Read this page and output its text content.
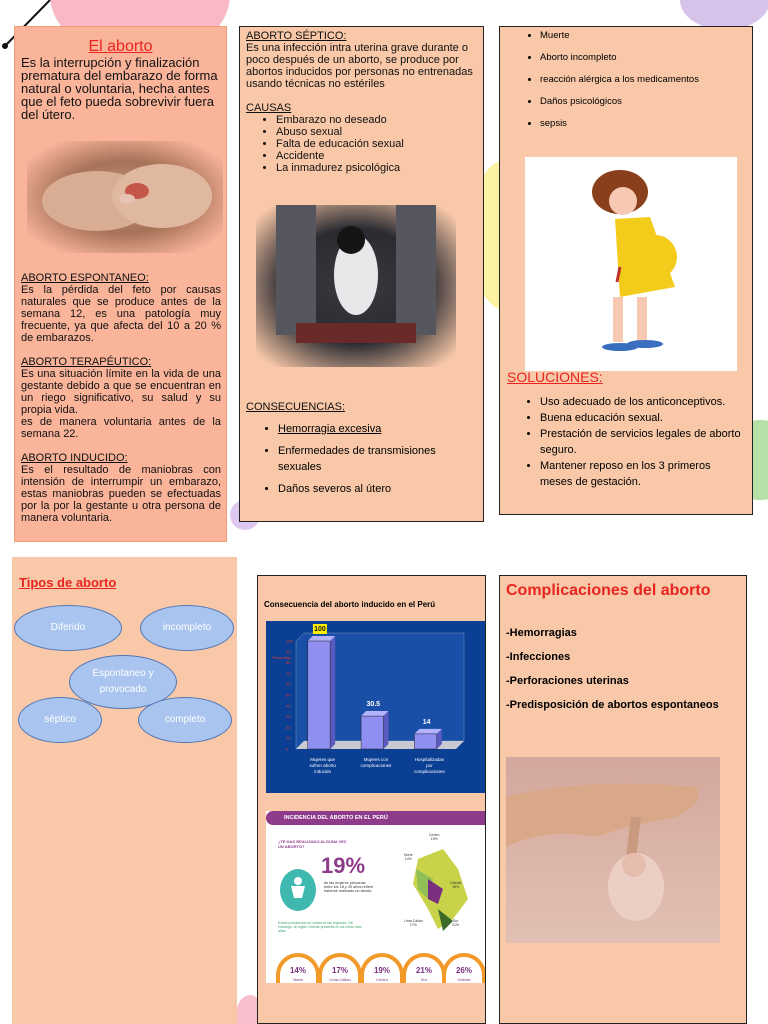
El aborto
Es la interrupción y finalización prematura del embarazo de forma natural o voluntaria, hecha antes que el feto pueda sobrevivir fuera del útero.
ABORTO ESPONTANEO:
Es la pérdida del feto por causas naturales que se produce antes de la semana 12, es una patología muy frecuente, ya que afecta del 10 a 20 % de embarazos.
ABORTO TERAPÉUTICO:
Es una situación límite en la vida de una gestante debido a que se encuentran en un riego significativo, su salud y su propia vida.
es de manera voluntaria antes de la semana 22.
ABORTO INDUCIDO:
Es el resultado de maniobras con intensión de interrumpir un embarazo, estas maniobras pueden se efectuadas por la por la gestante u otra persona de manera voluntaria.
ABORTO SÉPTICO:
Es una infección intra uterina grave durante o poco después de un aborto, se produce por abortos inducidos por personas no entrenadas usando técnicas no estériles
CAUSAS
• Embarazo no deseado
• Abuso sexual
• Falta de educación sexual
• Accidente
• La inmadurez psicológica
CONSECUENCIAS:
• Hemorragia excesiva
• Enfermedades de transmisiones sexuales
• Daños severos al útero
• Muerte
• Aborto incompleto
• reacción alérgica a los medicamentos
• Daños psicológicos
• sepsis
SOLUCIONES:
• Uso adecuado de los anticonceptivos.
• Buena educación sexual.
• Prestación de servicios legales de aborto seguro.
• Mantener reposo en los 3 primeros meses de gestación.
Tipos de aborto
Diferido	incompleto
Espontaneo y provocado
séptico	completo
Consecuencia del aborto inducido en el Perú
Porcentaje
0
10
20
30
40
50
60
70
80
90
100
100
Mujeres que
sufren aborto
inducido
30.5
Mujeres con
complicaciones
14
Hospitalizadas
por
complicaciones
INCIDENCIA DEL ABORTO EN EL PERÚ
¿TE HAS REALIZADO ALGUNA VEZ UN ABORTO?
19%
de las mujeres peruanas entre los 18 y 49 años refiere haberse realizado un aborto.
Existe prevalencia en varias de las regiones. Sin embargo, la región Oriente presenta en las cifras más altas.
Centro
19%
Norte
14%
Oriente
26%
Lima-Callao
17%
Sur
21%
14%	17%	19%	21%	26%
Norte	Lima-Callao	Centro	Sur	Oriente
Complicaciones del aborto
-Hemorragias
-Infecciones
-Perforaciones uterinas
-Predisposición de abortos espontaneos
